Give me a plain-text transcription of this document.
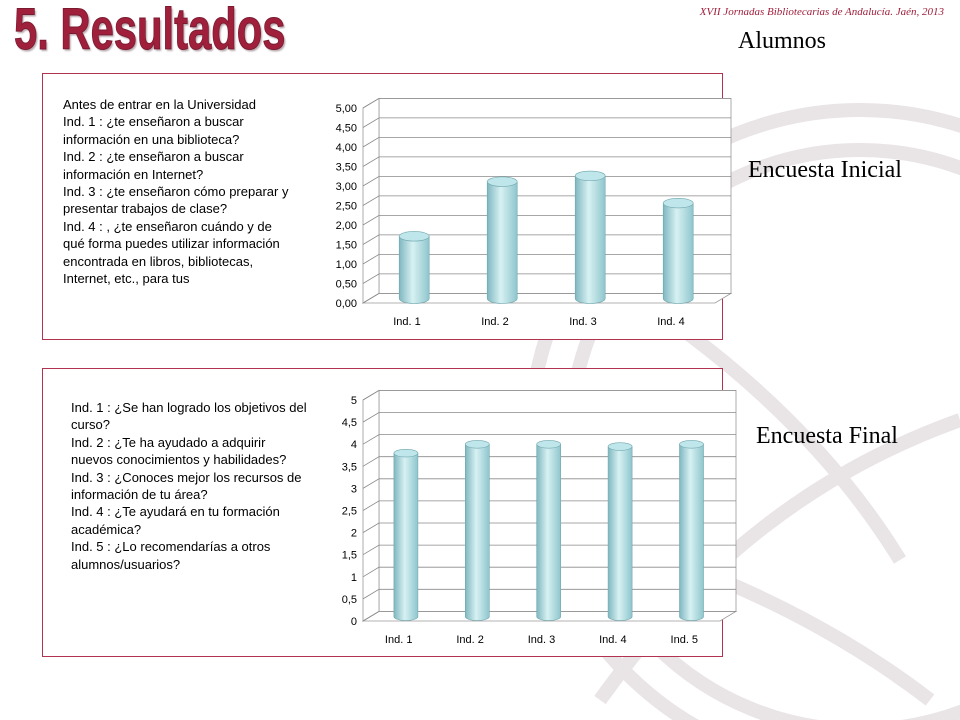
5. Resultados	XVII Jornadas Bibliotecarias de Andalucía. Jaén, 2013

Alumnos

Encuesta Inicial

Encuesta Final

Antes de entrar en la Universidad
Ind. 1 : ¿te enseñaron a buscar información en una biblioteca?
Ind. 2 : ¿te enseñaron a buscar información en Internet?
Ind. 3 : ¿te enseñaron cómo preparar y presentar trabajos de clase?
Ind. 4 : , ¿te enseñaron cuándo y de qué forma puedes utilizar información encontrada en libros, bibliotecas, Internet, etc., para tus

0,00
0,50
1,00
1,50
2,00
2,50
3,00
3,50
4,00
4,50
5,00
Ind. 1	Ind. 2	Ind. 3	Ind. 4

Ind. 1 : ¿Se han logrado los objetivos del curso?
Ind. 2 : ¿Te ha ayudado a adquirir nuevos conocimientos y habilidades?
Ind. 3 : ¿Conoces mejor los recursos de información de tu área?
Ind. 4 : ¿Te ayudará en tu formación académica?
Ind. 5 : ¿Lo recomendarías a otros alumnos/usuarios?

0
0,5
1
1,5
2
2,5
3
3,5
4
4,5
5
Ind. 1	Ind. 2	Ind. 3	Ind. 4	Ind. 5
